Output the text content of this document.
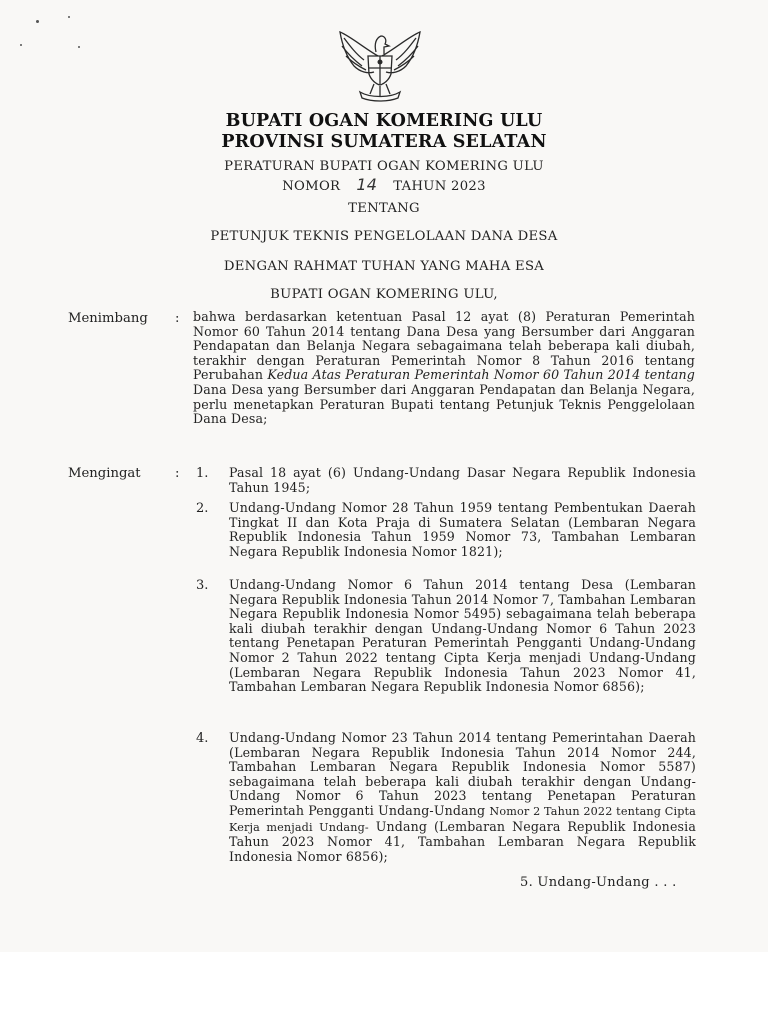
BUPATI OGAN KOMERING ULU
PROVINSI SUMATERA SELATAN
PERATURAN BUPATI OGAN KOMERING ULU
NOMOR 14 TAHUN 2023
TENTANG
PETUNJUK TEKNIS PENGELOLAAN DANA DESA
DENGAN RAHMAT TUHAN YANG MAHA ESA
BUPATI OGAN KOMERING ULU,
Menimbang : bahwa berdasarkan ketentuan Pasal 12 ayat (8) Peraturan Pemerintah Nomor 60 Tahun 2014 tentang Dana Desa yang Bersumber dari Anggaran Pendapatan dan Belanja Negara sebagaimana telah beberapa kali diubah, terakhir dengan Peraturan Pemerintah Nomor 8 Tahun 2016 tentang Perubahan Kedua Atas Peraturan Pemerintah Nomor 60 Tahun 2014 tentang Dana Desa yang Bersumber dari Anggaran Pendapatan dan Belanja Negara, perlu menetapkan Peraturan Bupati tentang Petunjuk Teknis Penggelolaan Dana Desa;
Mengingat	: 1. Pasal 18 ayat (6) Undang-Undang Dasar Negara Republik Indonesia Tahun 1945;
2. Undang-Undang Nomor 28 Tahun 1959 tentang Pembentukan Daerah Tingkat II dan Kota Praja di Sumatera Selatan (Lembaran Negara Republik Indonesia Tahun 1959 Nomor 73, Tambahan Lembaran Negara Republik Indonesia Nomor 1821);
3. Undang-Undang Nomor 6 Tahun 2014 tentang Desa (Lembaran Negara Republik Indonesia Tahun 2014 Nomor 7, Tambahan Lembaran Negara Republik Indonesia Nomor 5495) sebagaimana telah beberapa kali diubah terakhir dengan Undang-Undang Nomor 6 Tahun 2023 tentang Penetapan Peraturan Pemerintah Pengganti Undang-Undang Nomor 2 Tahun 2022 tentang Cipta Kerja menjadi Undang-Undang (Lembaran Negara Republik Indonesia Tahun 2023 Nomor 41, Tambahan Lembaran Negara Republik Indonesia Nomor 6856);
4. Undang-Undang Nomor 23 Tahun 2014 tentang Pemerintahan Daerah (Lembaran Negara Republik Indonesia Tahun 2014 Nomor 244, Tambahan Lembaran Negara Republik Indonesia Nomor 5587) sebagaimana telah beberapa kali diubah terakhir dengan Undang-Undang Nomor 6 Tahun 2023 tentang Penetapan Peraturan Pemerintah Pengganti Undang-Undang Nomor 2 Tahun 2022 tentang Cipta Kerja menjadi Undang- Undang (Lembaran Negara Republik Indonesia Tahun 2023 Nomor 41, Tambahan Lembaran Negara Republik Indonesia Nomor 6856);
5. Undang-Undang . . .
